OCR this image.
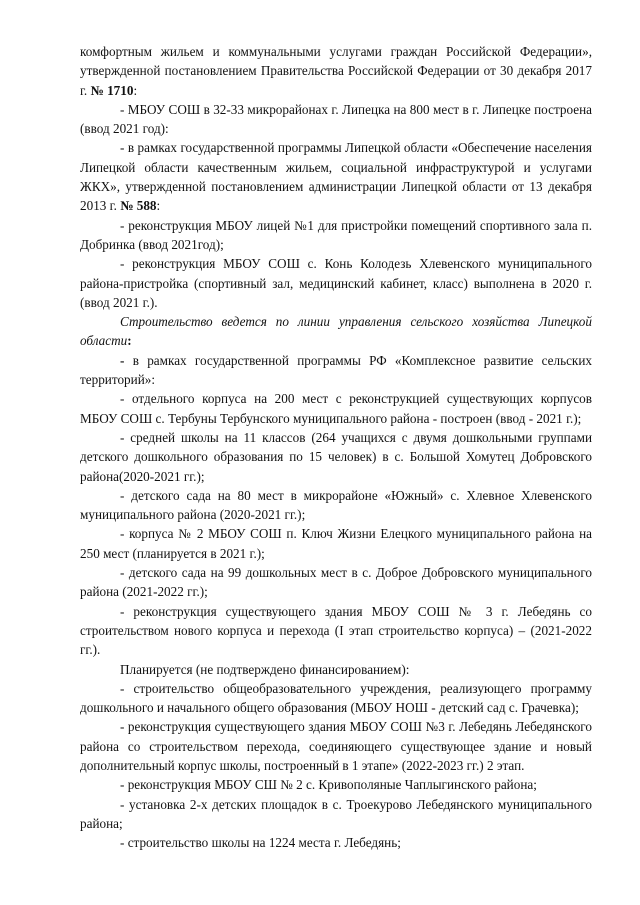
комфортным жильем и коммунальными услугами граждан Российской Федерации», утвержденной постановлением Правительства Российской Федерации от 30 декабря 2017 г. № 1710:

- МБОУ СОШ в 32-33 микрорайонах г. Липецка на 800 мест в г. Липецке построена (ввод 2021 год):

- в рамках государственной программы Липецкой области «Обеспечение населения Липецкой области качественным жильем, социальной инфраструктурой и услугами ЖКХ», утвержденной постановлением администрации Липецкой области от 13 декабря 2013 г. № 588:

- реконструкция МБОУ лицей №1 для пристройки помещений спортивного зала п. Добринка (ввод 2021год);

- реконструкция МБОУ СОШ с. Конь Колодезь Хлевенского муниципального района-пристройка (спортивный зал, медицинский кабинет, класс) выполнена в 2020 г. (ввод 2021 г.).

Строительство ведется по линии управления сельского хозяйства Липецкой области:

- в рамках государственной программы РФ «Комплексное развитие сельских территорий»:

- отдельного корпуса на 200 мест с реконструкцией существующих корпусов МБОУ СОШ с. Тербуны Тербунского муниципального района - построен (ввод - 2021 г.);

- средней школы на 11 классов (264 учащихся с двумя дошкольными группами детского дошкольного образования по 15 человек) в с. Большой Хомутец Добровского района(2020-2021 гг.);

- детского сада на 80 мест в микрорайоне «Южный» с. Хлевное Хлевенского муниципального района (2020-2021 гг.);

- корпуса № 2 МБОУ СОШ п. Ключ Жизни Елецкого муниципального района на 250 мест (планируется в 2021 г.);

- детского сада на 99 дошкольных мест в с. Доброе Добровского муниципального района (2021-2022 гг.);

- реконструкция существующего здания МБОУ СОШ № 3 г. Лебедянь со строительством нового корпуса и перехода (I этап строительство корпуса) – (2021-2022 гг.).

Планируется (не подтверждено финансированием):

- строительство общеобразовательного учреждения, реализующего программу дошкольного и начального общего образования (МБОУ НОШ - детский сад с. Грачевка);

- реконструкция существующего здания МБОУ СОШ №3 г. Лебедянь Лебедянского района со строительством перехода, соединяющего существующее здание и новый дополнительный корпус школы, построенный в 1 этапе» (2022-2023 гг.) 2 этап.

- реконструкция МБОУ СШ № 2 с. Кривополяные Чаплыгинского района;

- установка 2-х детских площадок в с. Троекурово Лебедянского муниципального района;

- строительство школы на 1224 места г. Лебедянь;
